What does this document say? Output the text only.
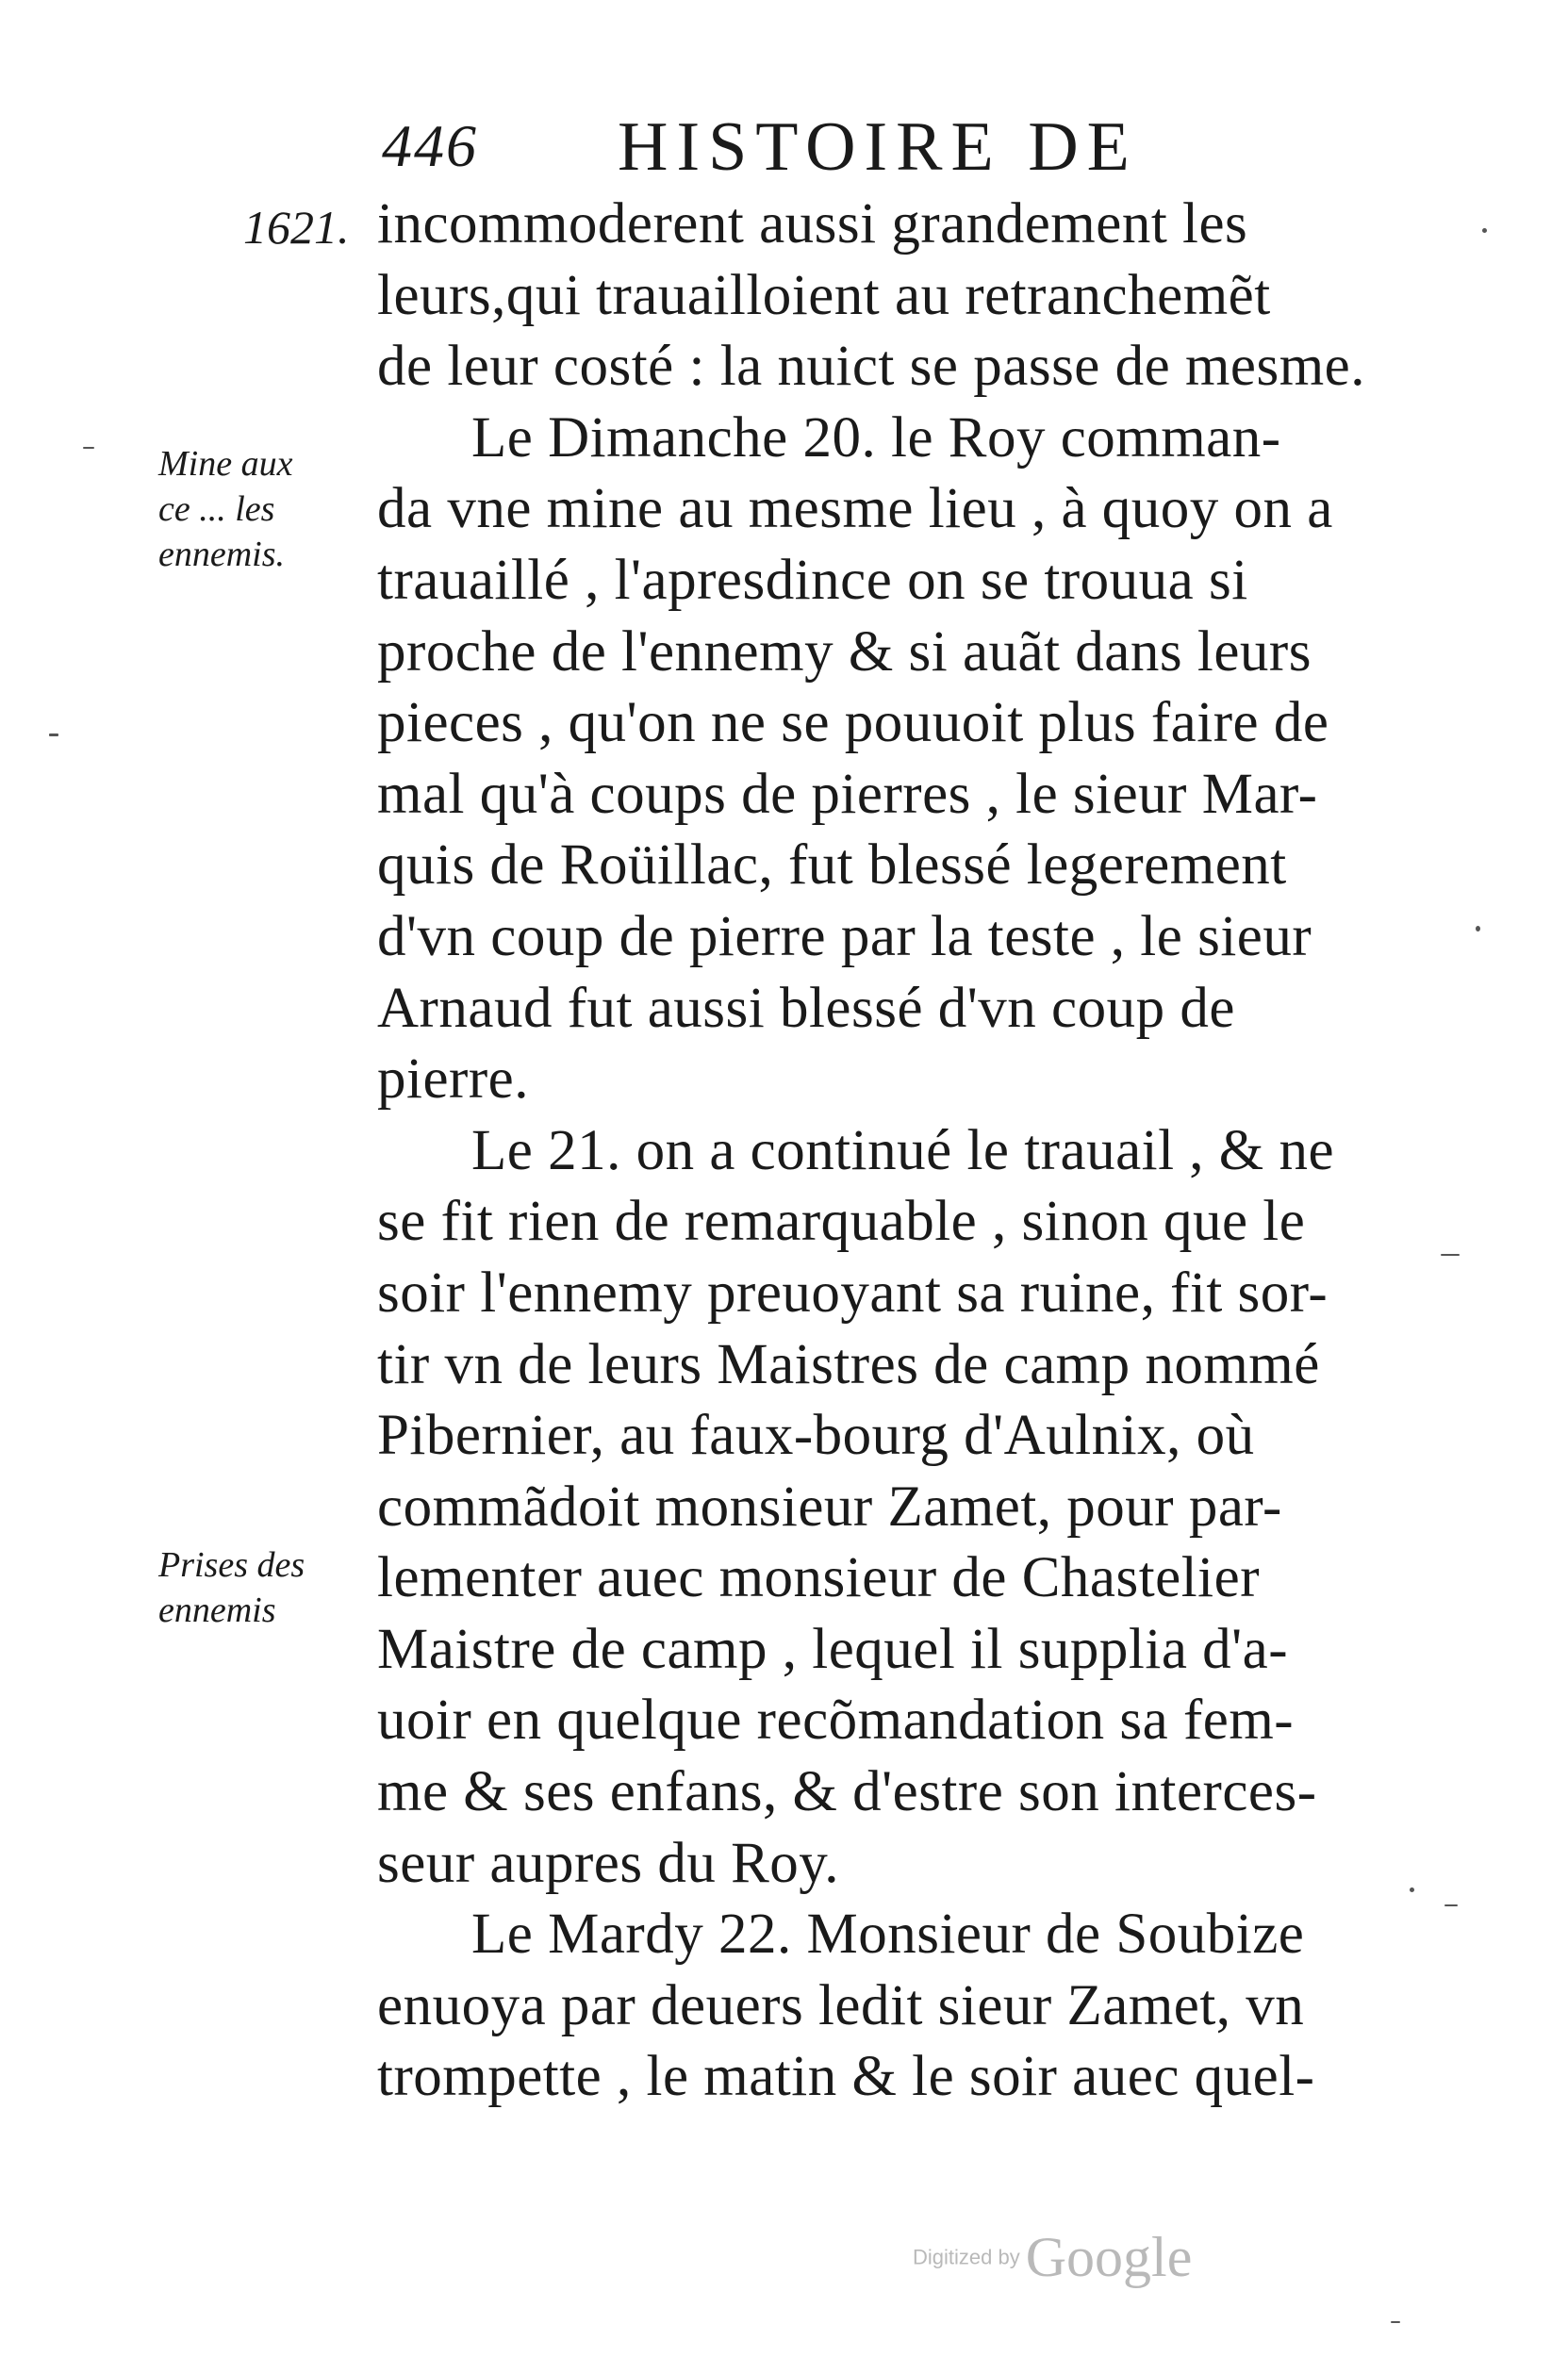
446 HISTOIRE DE
1621.
Mine aux
ce ... les
ennemis.
Prises des
ennemis
incommoderent aussi grandement les
leurs,qui trauailloient au retranchemẽt
de leur costé : la nuict se passe de mesme.
Le Dimanche 20. le Roy comman-
da vne mine au mesme lieu , à quoy on a
trauaillé , l'apresdince on se trouua si
proche de l'ennemy & si auãt dans leurs
pieces , qu'on ne se pouuoit plus faire de
mal qu'à coups de pierres , le sieur Mar-
quis de Roüillac, fut blessé legerement
d'vn coup de pierre par la teste , le sieur
Arnaud fut aussi blessé d'vn coup de
pierre.
Le 21. on a continué le trauail , & ne
se fit rien de remarquable , sinon que le
soir l'ennemy preuoyant sa ruine, fit sor-
tir vn de leurs Maistres de camp nommé
Pibernier, au faux-bourg d'Aulnix, où
commãdoit monsieur Zamet, pour par-
lementer auec monsieur de Chastelier
Maistre de camp , lequel il supplia d'a-
uoir en quelque recõmandation sa fem-
me & ses enfans, & d'estre son interces-
seur aupres du Roy.
Le Mardy 22. Monsieur de Soubize
enuoya par deuers ledit sieur Zamet, vn
trompette , le matin & le soir auec quel-
Digitized by Google
